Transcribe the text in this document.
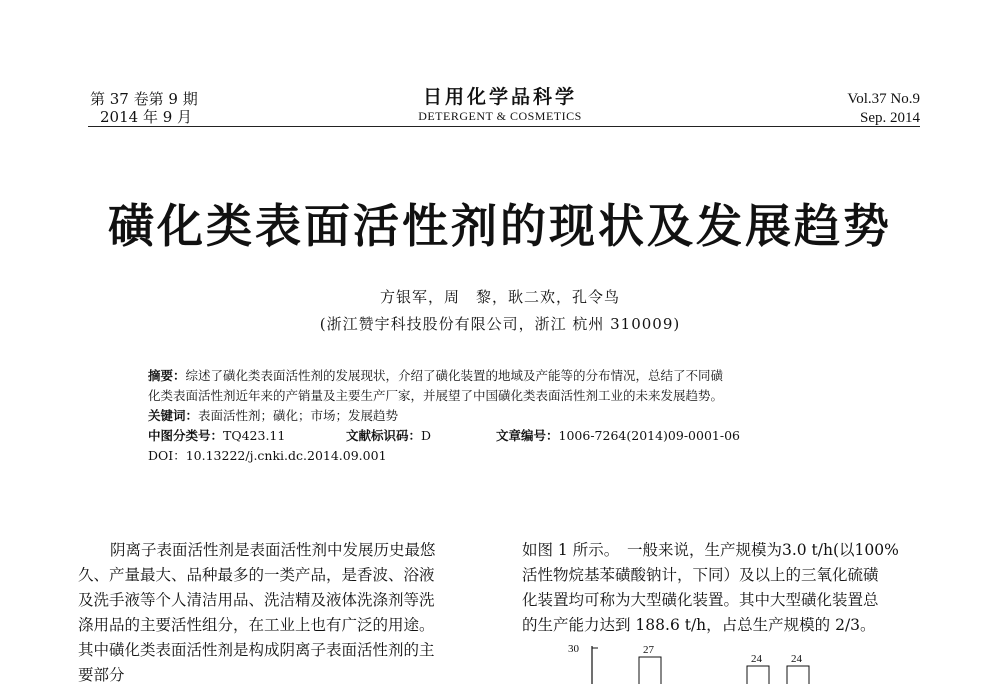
第 37 卷第 9 期
2014 年 9 月
日用化学品科学
DETERGENT & COSMETICS
Vol.37 No.9
Sep. 2014
磺化类表面活性剂的现状及发展趋势
方银军，周　黎，耿二欢，孔令鸟
(浙江赞宇科技股份有限公司，浙江 杭州 310009)
摘要：综述了磺化类表面活性剂的发展现状，介绍了磺化装置的地域及产能等的分布情况，总结了不同磺
化类表面活性剂近年来的产销量及主要生产厂家，并展望了中国磺化类表面活性剂工业的未来发展趋势。
关键词：表面活性剂；磺化；市场；发展趋势
中图分类号：TQ423.11	文献标识码：D	文章编号：1006-7264(2014)09-0001-06
DOI：10.13222/j.cnki.dc.2014.09.001
阴离子表面活性剂是表面活性剂中发展历史最悠
久、产量最大、品种最多的一类产品，是香波、浴液
及洗手液等个人清洁用品、洗洁精及液体洗涤剂等洗
涤用品的主要活性组分，在工业上也有广泛的用途。
其中磺化类表面活性剂是构成阴离子表面活性剂的主
要部分
如图 1 所示。　一般来说，生产规模为3.0 t/h(以100%
活性物烷基苯磺酸钠计，下同）及以上的三氧化硫磺
化装置均可称为大型磺化装置。其中大型磺化装置总
的生产能力达到 188.6 t/h，占总生产规模的 2/3。
30	27
24	24
